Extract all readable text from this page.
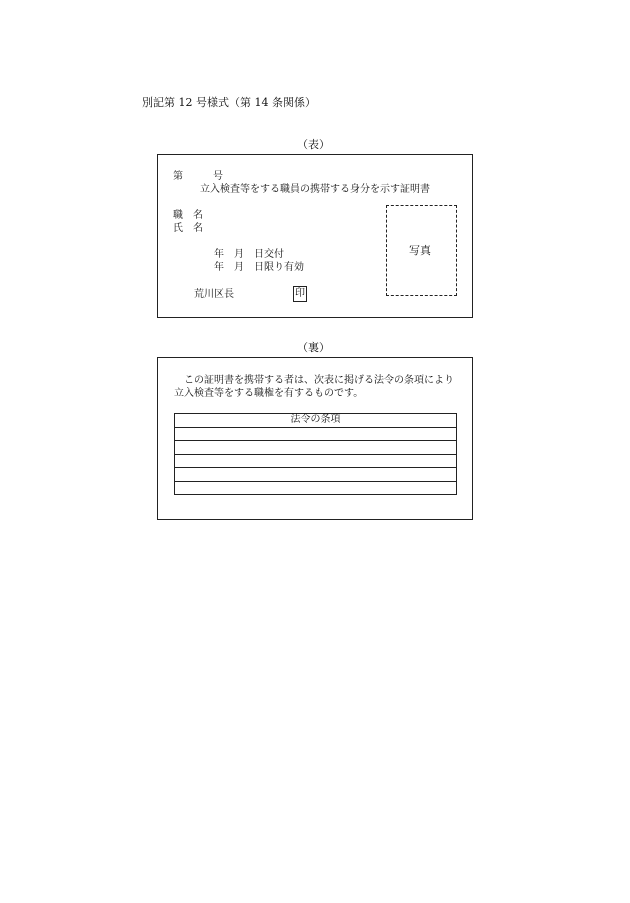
別記第 12 号様式（第 14 条関係）
（表）
第　　　号
立入検査等をする職員の携帯する身分を示す証明書
職　名
氏　名
年　月　日交付
年　月　日限り有効
荒川区長	印
写真
（裏）
この証明書を携帯する者は、次表に掲げる法令の条項により
立入検査等をする職権を有するものです。
法令の条項
